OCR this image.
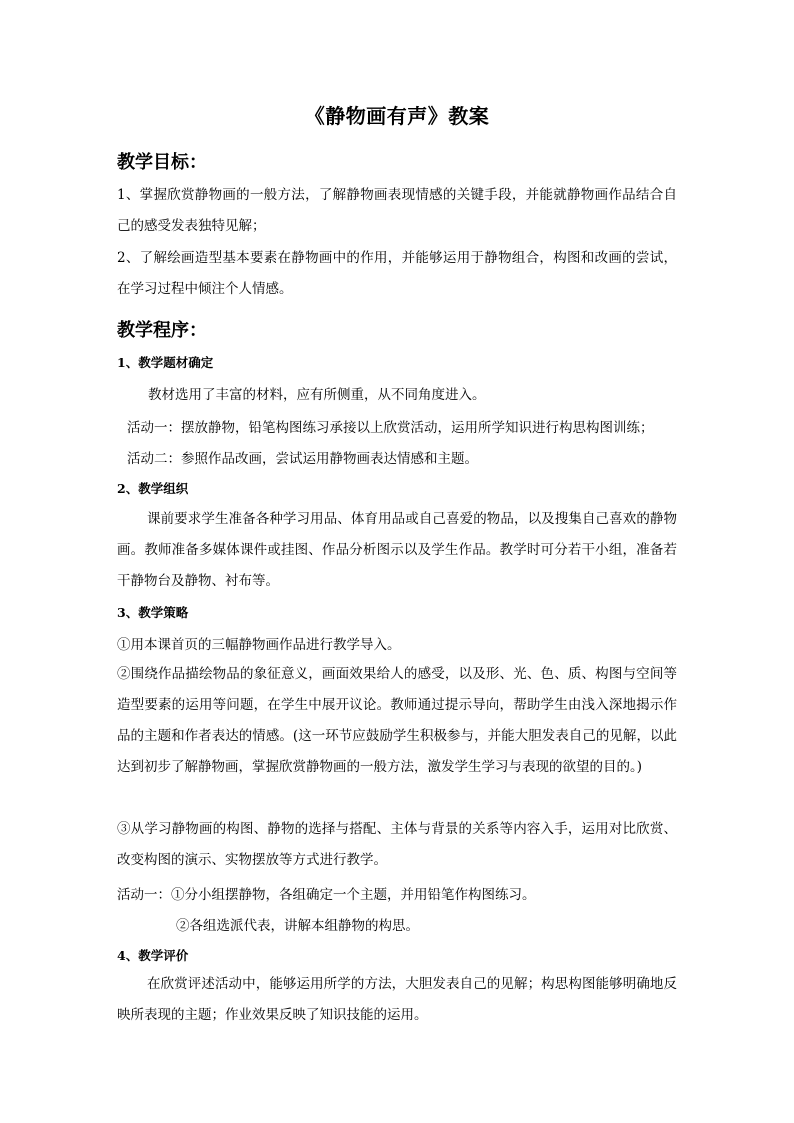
《静物画有声》教案
教学目标：
1、掌握欣赏静物画的一般方法，了解静物画表现情感的关键手段，并能就静物画作品结合自己的感受发表独特见解；
2、了解绘画造型基本要素在静物画中的作用，并能够运用于静物组合，构图和改画的尝试，在学习过程中倾注个人情感。
教学程序：
1、教学题材确定
教材选用了丰富的材料，应有所侧重，从不同角度进入。
活动一：摆放静物，铅笔构图练习承接以上欣赏活动，运用所学知识进行构思构图训练；
活动二：参照作品改画，尝试运用静物画表达情感和主题。
2、教学组织
课前要求学生准备各种学习用品、体育用品或自己喜爱的物品，以及搜集自己喜欢的静物画。教师准备多媒体课件或挂图、作品分析图示以及学生作品。教学时可分若干小组，准备若干静物台及静物、衬布等。
3、教学策略
①用本课首页的三幅静物画作品进行教学导入。
②围绕作品描绘物品的象征意义，画面效果给人的感受，以及形、光、色、质、构图与空间等造型要素的运用等问题，在学生中展开议论。教师通过提示导向，帮助学生由浅入深地揭示作品的主题和作者表达的情感。(这一环节应鼓励学生积极参与，并能大胆发表自己的见解，以此达到初步了解静物画，掌握欣赏静物画的一般方法，激发学生学习与表现的欲望的目的。)
③从学习静物画的构图、静物的选择与搭配、主体与背景的关系等内容入手，运用对比欣赏、改变构图的演示、实物摆放等方式进行教学。
活动一：①分小组摆静物，各组确定一个主题，并用铅笔作构图练习。
②各组选派代表，讲解本组静物的构思。
4、教学评价
在欣赏评述活动中，能够运用所学的方法，大胆发表自己的见解；构思构图能够明确地反映所表现的主题；作业效果反映了知识技能的运用。
